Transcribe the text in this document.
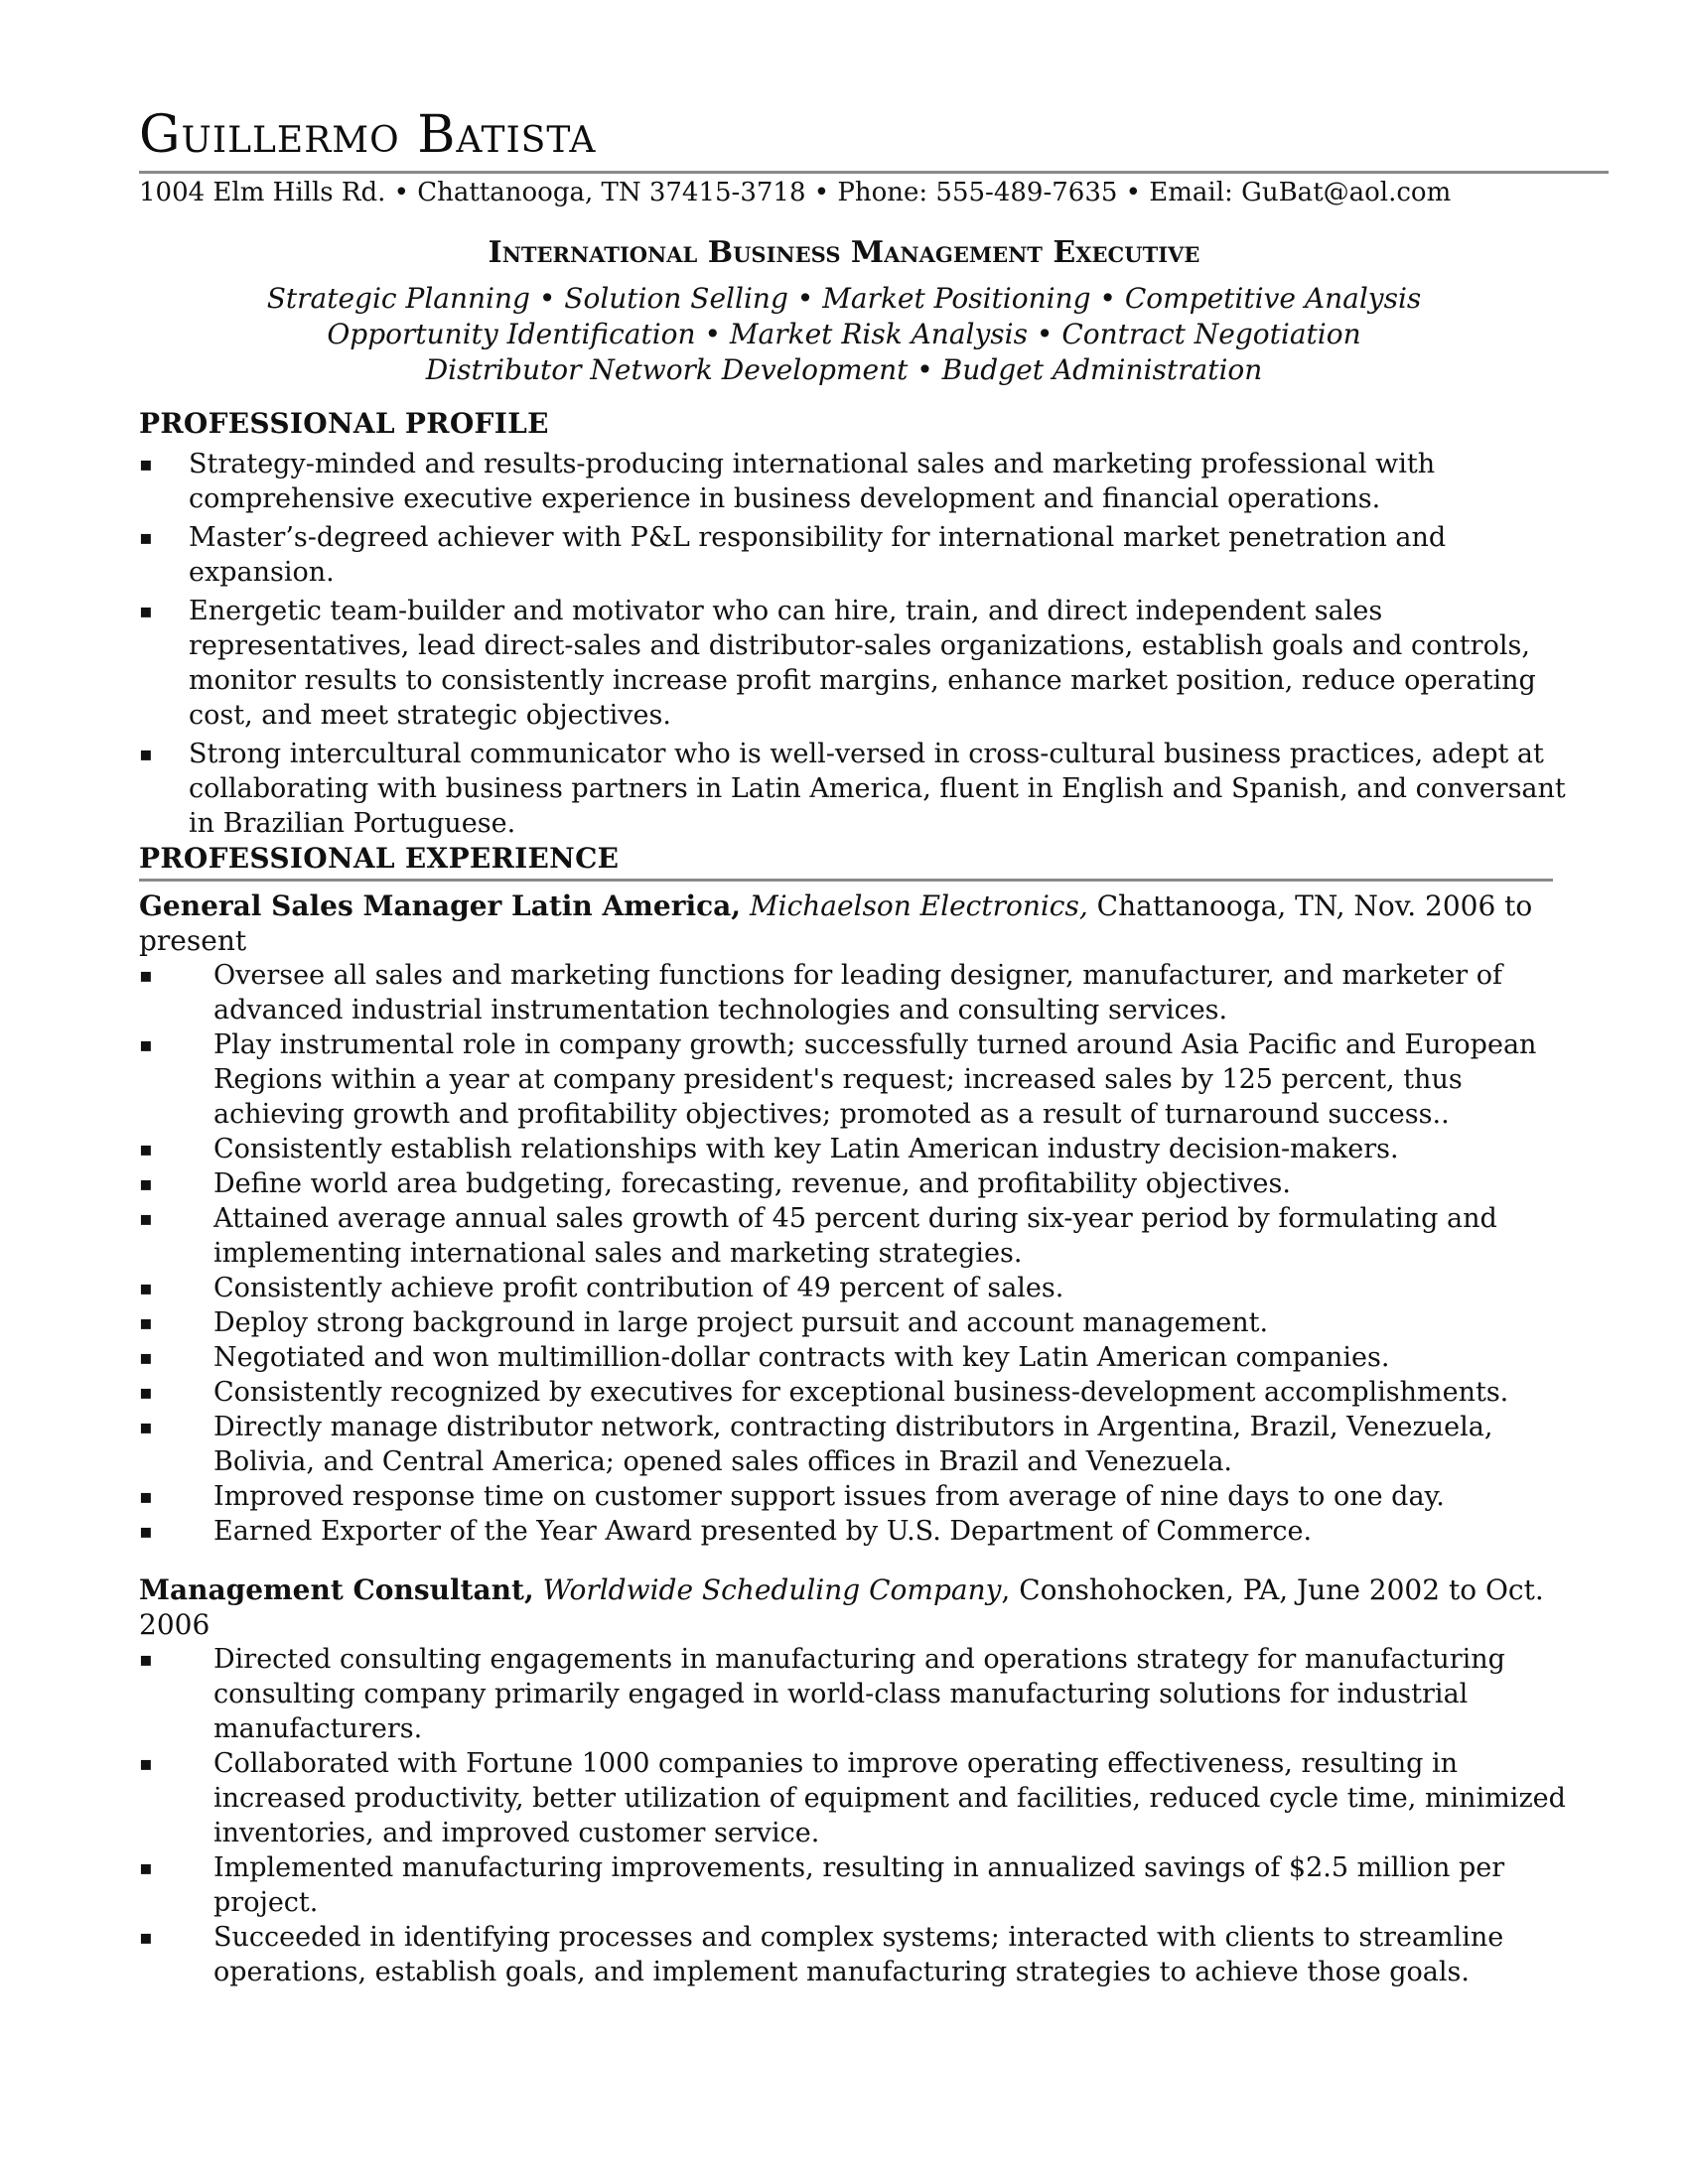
Guillermo Batista
1004 Elm Hills Rd. • Chattanooga, TN 37415-3718 • Phone: 555-489-7635 • Email: GuBat@aol.com
International Business Management Executive
Strategic Planning • Solution Selling • Market Positioning • Competitive Analysis
Opportunity Identification • Market Risk Analysis • Contract Negotiation
Distributor Network Development • Budget Administration
PROFESSIONAL PROFILE
▪ Strategy-minded and results-producing international sales and marketing professional with comprehensive executive experience in business development and financial operations.
▪ Master’s-degreed achiever with P&L responsibility for international market penetration and expansion.
▪ Energetic team-builder and motivator who can hire, train, and direct independent sales representatives, lead direct-sales and distributor-sales organizations, establish goals and controls, monitor results to consistently increase profit margins, enhance market position, reduce operating cost, and meet strategic objectives.
▪ Strong intercultural communicator who is well-versed in cross-cultural business practices, adept at collaborating with business partners in Latin America, fluent in English and Spanish, and conversant in Brazilian Portuguese.
PROFESSIONAL EXPERIENCE
General Sales Manager Latin America, Michaelson Electronics, Chattanooga, TN, Nov. 2006 to present
▪ Oversee all sales and marketing functions for leading designer, manufacturer, and marketer of advanced industrial instrumentation technologies and consulting services.
▪ Play instrumental role in company growth; successfully turned around Asia Pacific and European Regions within a year at company president's request; increased sales by 125 percent, thus achieving growth and profitability objectives; promoted as a result of turnaround success..
▪ Consistently establish relationships with key Latin American industry decision-makers.
▪ Define world area budgeting, forecasting, revenue, and profitability objectives.
▪ Attained average annual sales growth of 45 percent during six-year period by formulating and implementing international sales and marketing strategies.
▪ Consistently achieve profit contribution of 49 percent of sales.
▪ Deploy strong background in large project pursuit and account management.
▪ Negotiated and won multimillion-dollar contracts with key Latin American companies.
▪ Consistently recognized by executives for exceptional business-development accomplishments.
▪ Directly manage distributor network, contracting distributors in Argentina, Brazil, Venezuela, Bolivia, and Central America; opened sales offices in Brazil and Venezuela.
▪ Improved response time on customer support issues from average of nine days to one day.
▪ Earned Exporter of the Year Award presented by U.S. Department of Commerce.
Management Consultant, Worldwide Scheduling Company, Conshohocken, PA, June 2002 to Oct. 2006
▪ Directed consulting engagements in manufacturing and operations strategy for manufacturing consulting company primarily engaged in world-class manufacturing solutions for industrial manufacturers.
▪ Collaborated with Fortune 1000 companies to improve operating effectiveness, resulting in increased productivity, better utilization of equipment and facilities, reduced cycle time, minimized inventories, and improved customer service.
▪ Implemented manufacturing improvements, resulting in annualized savings of $2.5 million per project.
▪ Succeeded in identifying processes and complex systems; interacted with clients to streamline operations, establish goals, and implement manufacturing strategies to achieve those goals.
